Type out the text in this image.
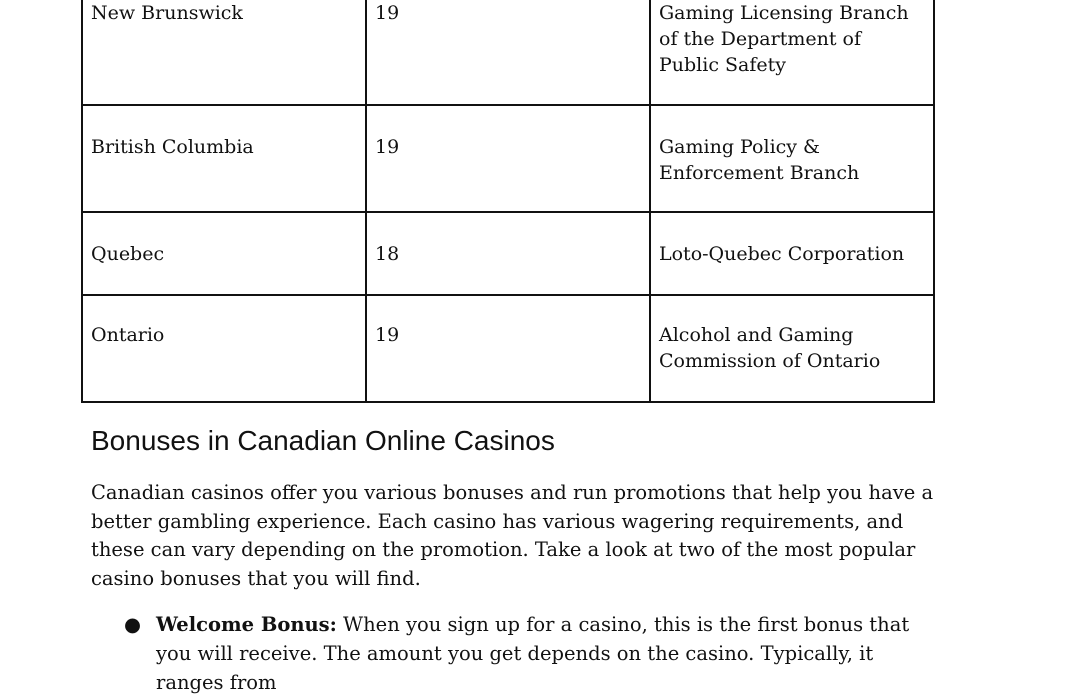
New Brunswick	19	Gaming Licensing Branch of the Department of Public Safety
British Columbia	19	Gaming Policy & Enforcement Branch
Quebec	18	Loto-Quebec Corporation
Ontario	19	Alcohol and Gaming Commission of Ontario
Bonuses in Canadian Online Casinos

Canadian casinos offer you various bonuses and run promotions that help you have a better gambling experience. Each casino has various wagering requirements, and these can vary depending on the promotion. Take a look at two of the most popular casino bonuses that you will find.

● Welcome Bonus: When you sign up for a casino, this is the first bonus that you will receive. The amount you get depends on the casino. Typically, it ranges from
